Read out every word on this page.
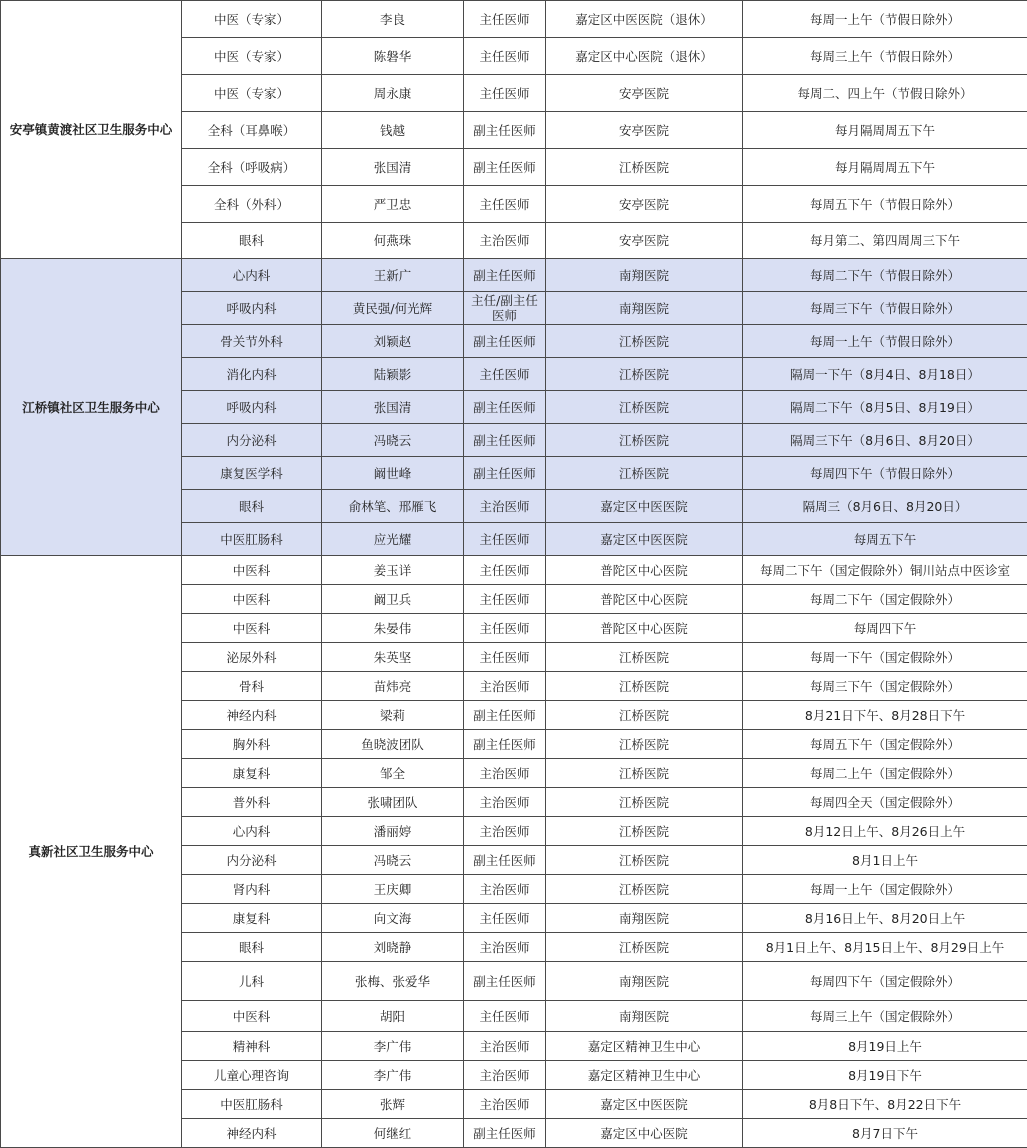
安亭镇黄渡社区卫生服务中心	中医（专家）	李良	主任医师	嘉定区中医医院（退休）	每周一上午（节假日除外）
	中医（专家）	陈磐华	主任医师	嘉定区中心医院（退休）	每周三上午（节假日除外）
	中医（专家）	周永康	主任医师	安亭医院	每周二、四上午（节假日除外）
	全科（耳鼻喉）	钱越	副主任医师	安亭医院	每月隔周周五下午
	全科（呼吸病）	张国清	副主任医师	江桥医院	每月隔周周五下午
	全科（外科）	严卫忠	主任医师	安亭医院	每周五下午（节假日除外）
	眼科	何燕珠	主治医师	安亭医院	每月第二、第四周周三下午
江桥镇社区卫生服务中心	心内科	王新广	副主任医师	南翔医院	每周二下午（节假日除外）
	呼吸内科	黄民强/何光辉	主任/副主任医师	南翔医院	每周三下午（节假日除外）
	骨关节外科	刘颖赵	副主任医师	江桥医院	每周一上午（节假日除外）
	消化内科	陆颖影	主任医师	江桥医院	隔周一下午（8月4日、8月18日）
	呼吸内科	张国清	副主任医师	江桥医院	隔周二下午（8月5日、8月19日）
	内分泌科	冯晓云	副主任医师	江桥医院	隔周三下午（8月6日、8月20日）
	康复医学科	阚世峰	副主任医师	江桥医院	每周四下午（节假日除外）
	眼科	俞林笔、邢雁飞	主治医师	嘉定区中医医院	隔周三（8月6日、8月20日）
	中医肛肠科	应光耀	主任医师	嘉定区中医医院	每周五下午
真新社区卫生服务中心	中医科	姜玉详	主任医师	普陀区中心医院	每周二下午（国定假除外）铜川站点中医诊室
	中医科	阚卫兵	主任医师	普陀区中心医院	每周二下午（国定假除外）
	中医科	朱晏伟	主任医师	普陀区中心医院	每周四下午
	泌尿外科	朱英坚	主任医师	江桥医院	每周一下午（国定假除外）
	骨科	苗炜亮	主治医师	江桥医院	每周三下午（国定假除外）
	神经内科	梁莉	副主任医师	江桥医院	8月21日下午、8月28日下午
	胸外科	鱼晓波团队	副主任医师	江桥医院	每周五下午（国定假除外）
	康复科	邹全	主治医师	江桥医院	每周二上午（国定假除外）
	普外科	张啸团队	主治医师	江桥医院	每周四全天（国定假除外）
	心内科	潘丽婷	主治医师	江桥医院	8月12日上午、8月26日上午
	内分泌科	冯晓云	副主任医师	江桥医院	8月1日上午
	肾内科	王庆卿	主治医师	江桥医院	每周一上午（国定假除外）
	康复科	向文海	主任医师	南翔医院	8月16日上午、8月20日上午
	眼科	刘晓静	主治医师	江桥医院	8月1日上午、8月15日上午、8月29日上午
	儿科	张梅、张爱华	副主任医师	南翔医院	每周四下午（国定假除外）
	中医科	胡阳	主任医师	南翔医院	每周三上午（国定假除外）
	精神科	李广伟	主治医师	嘉定区精神卫生中心	8月19日上午
	儿童心理咨询	李广伟	主治医师	嘉定区精神卫生中心	8月19日下午
	中医肛肠科	张辉	主治医师	嘉定区中医医院	8月8日下午、8月22日下午
	神经内科	何继红	副主任医师	嘉定区中心医院	8月7日下午
